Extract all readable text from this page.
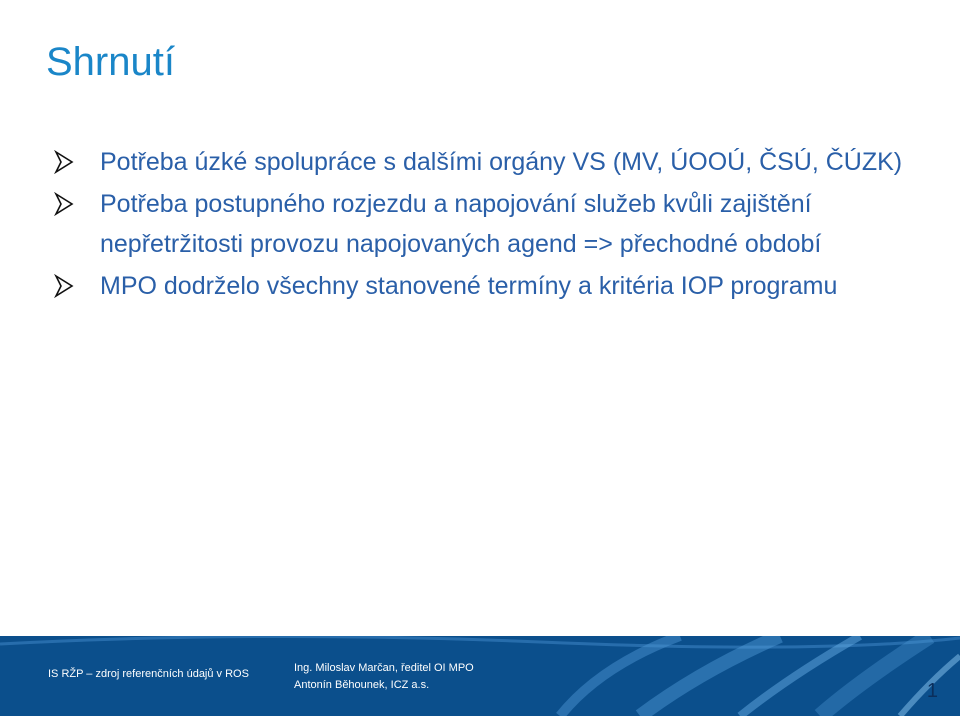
Shrnutí
Potřeba úzké spolupráce s dalšími orgány VS (MV, ÚOOÚ, ČSÚ, ČÚZK)
Potřeba postupného rozjezdu a napojování služeb kvůli zajištění nepřetržitosti provozu napojovaných agend => přechodné období
MPO dodrželo všechny stanovené termíny a kritéria IOP programu
IS RŽP – zdroj referenčních údajů v ROS	Ing. Miloslav Marčan, ředitel OI MPO
Antonín Běhounek, ICZ a.s.	1
